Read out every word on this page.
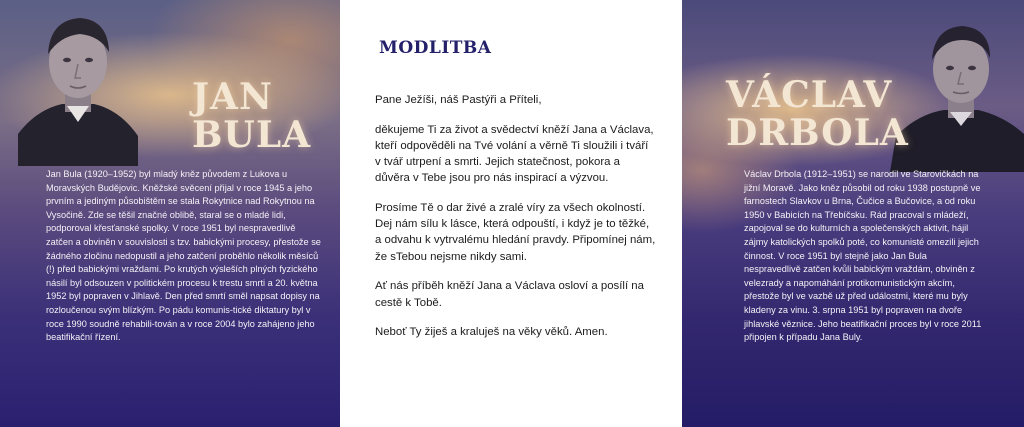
JAN
BULA

Jan Bula (1920–1952) byl mladý kněz původem z Lukova u Moravských Budějovic. Kněžské svěcení přijal v roce 1945 a jeho prvním a jediným působištěm se stala Rokytnice nad Rokytnou na Vysočině. Zde se těšil značné oblibě, staral se o mladé lidi, podporoval křesťanské spolky. V roce 1951 byl nespravedlivě zatčen a obviněn v souvislosti s tzv. babickými procesy, přestože se žádného zločinu nedopustil a jeho zatčení proběhlo několik měsíců (!) před babickými vraždami. Po krutých výsleších plných fyzického násilí byl odsouzen v politickém procesu k trestu smrti a 20. května 1952 byl popraven v Jihlavě. Den před smrtí směl napsat dopisy na rozloučenou svým blízkým. Po pádu komunis-tické diktatury byl v roce 1990 soudně rehabili-tován a v roce 2004 bylo zahájeno jeho beatifikační řízení.

MODLITBA

Pane Ježíši, náš Pastýři a Příteli,

děkujeme Ti za život a svědectví kněží Jana a Václava, kteří odpověděli na Tvé volání a věrně Ti sloužili i tváří v tvář utrpení a smrti. Jejich statečnost, pokora a důvěra v Tebe jsou pro nás inspirací a výzvou.

Prosíme Tě o dar živé a zralé víry za všech okolností. Dej nám sílu k lásce, která odpouští, i když je to těžké, a odvahu k vytrvalému hledání pravdy. Připomínej nám, že sTebou nejsme nikdy sami.

Ať nás příběh kněží Jana a Václava osloví a posílí na cestě k Tobě.

Neboť Ty žiješ a kraluješ na věky věků. Amen.

VÁCLAV
DRBOLA

Václav Drbola (1912–1951) se narodil ve Starovičkách na jižní Moravě. Jako kněz působil od roku 1938 postupně ve farnostech Slavkov u Brna, Čučice a Bučovice, a od roku 1950 v Babicích na Třebíčsku. Rád pracoval s mládeží, zapojoval se do kulturních a společenských aktivit, hájil zájmy katolických spolků poté, co komunisté omezili jejich činnost. V roce 1951 byl stejně jako Jan Bula nespravedlivě zatčen kvůli babickým vraždám, obviněn z velezrady a napomáhání protikomunistickým akcím, přestože byl ve vazbě už před událostmi, které mu byly kladeny za vinu. 3. srpna 1951 byl popraven na dvoře jihlavské věznice. Jeho beatifikační proces byl v roce 2011 připojen k případu Jana Buly.
